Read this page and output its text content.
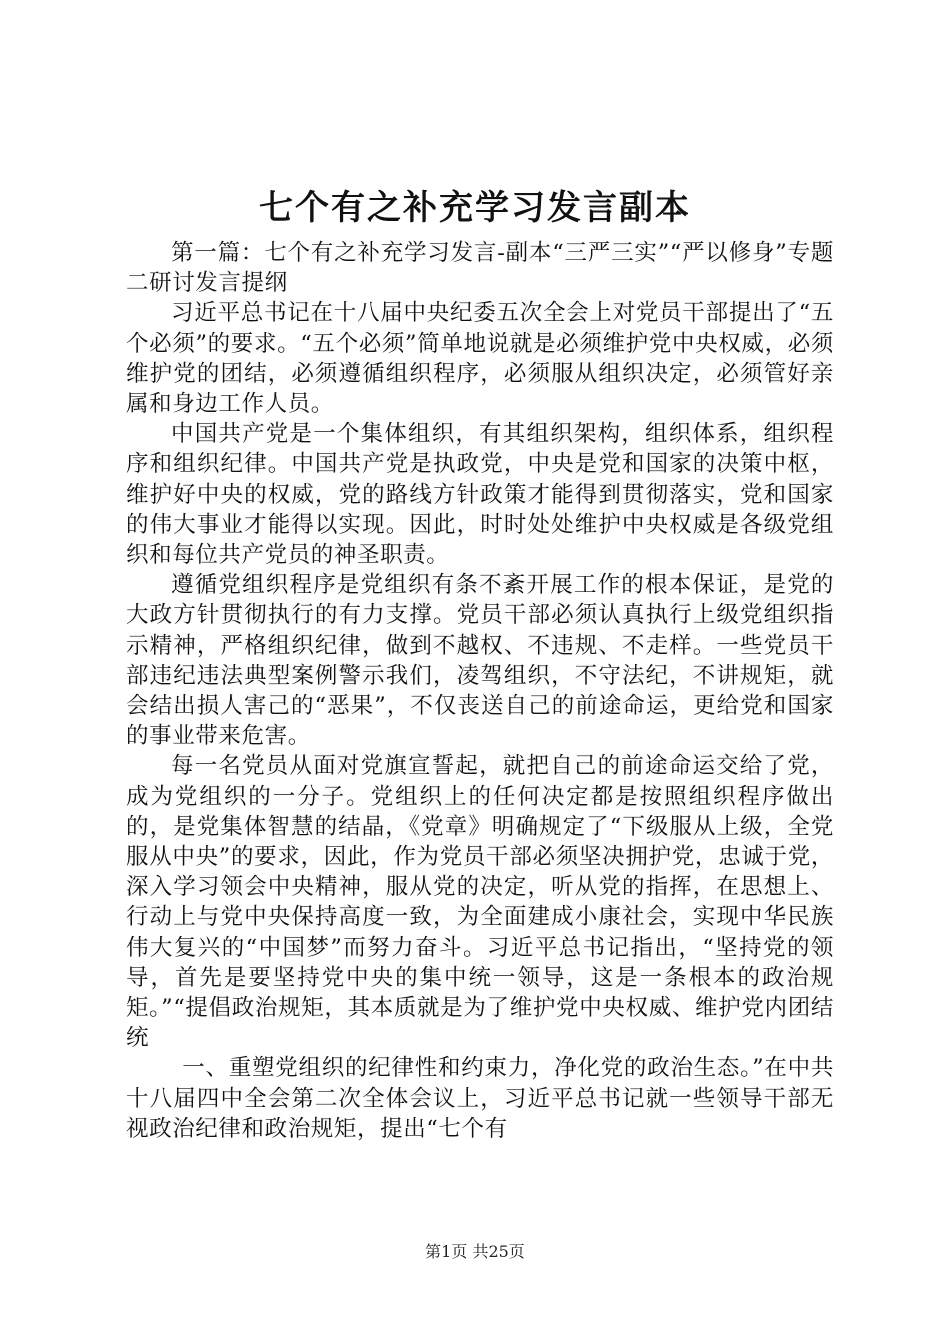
七个有之补充学习发言副本

第一篇：七个有之补充学习发言-副本“三严三实”“严以修身”专题二研讨发言提纲

习近平总书记在十八届中央纪委五次全会上对党员干部提出了“五个必须”的要求。“五个必须”简单地说就是必须维护党中央权威，必须维护党的团结，必须遵循组织程序，必须服从组织决定，必须管好亲属和身边工作人员。

中国共产党是一个集体组织，有其组织架构，组织体系，组织程序和组织纪律。中国共产党是执政党，中央是党和国家的决策中枢，维护好中央的权威，党的路线方针政策才能得到贯彻落实，党和国家的伟大事业才能得以实现。因此，时时处处维护中央权威是各级党组织和每位共产党员的神圣职责。

遵循党组织程序是党组织有条不紊开展工作的根本保证，是党的大政方针贯彻执行的有力支撑。党员干部必须认真执行上级党组织指示精神，严格组织纪律，做到不越权、不违规、不走样。一些党员干部违纪违法典型案例警示我们，凌驾组织，不守法纪，不讲规矩，就会结出损人害己的“恶果”，不仅丧送自己的前途命运，更给党和国家的事业带来危害。

每一名党员从面对党旗宣誓起，就把自己的前途命运交给了党，成为党组织的一分子。党组织上的任何决定都是按照组织程序做出的，是党集体智慧的结晶，《党章》明确规定了“下级服从上级，全党服从中央”的要求，因此，作为党员干部必须坚决拥护党，忠诚于党，深入学习领会中央精神，服从党的决定，听从党的指挥，在思想上、行动上与党中央保持高度一致，为全面建成小康社会，实现中华民族伟大复兴的“中国梦”而努力奋斗。习近平总书记指出，“坚持党的领导，首先是要坚持党中央的集中统一领导，这是一条根本的政治规矩。”“提倡政治规矩，其本质就是为了维护党中央权威、维护党内团结统

一、重塑党组织的纪律性和约束力，净化党的政治生态。”在中共十八届四中全会第二次全体会议上，习近平总书记就一些领导干部无视政治纪律和政治规矩，提出“七个有

第1页 共25页
